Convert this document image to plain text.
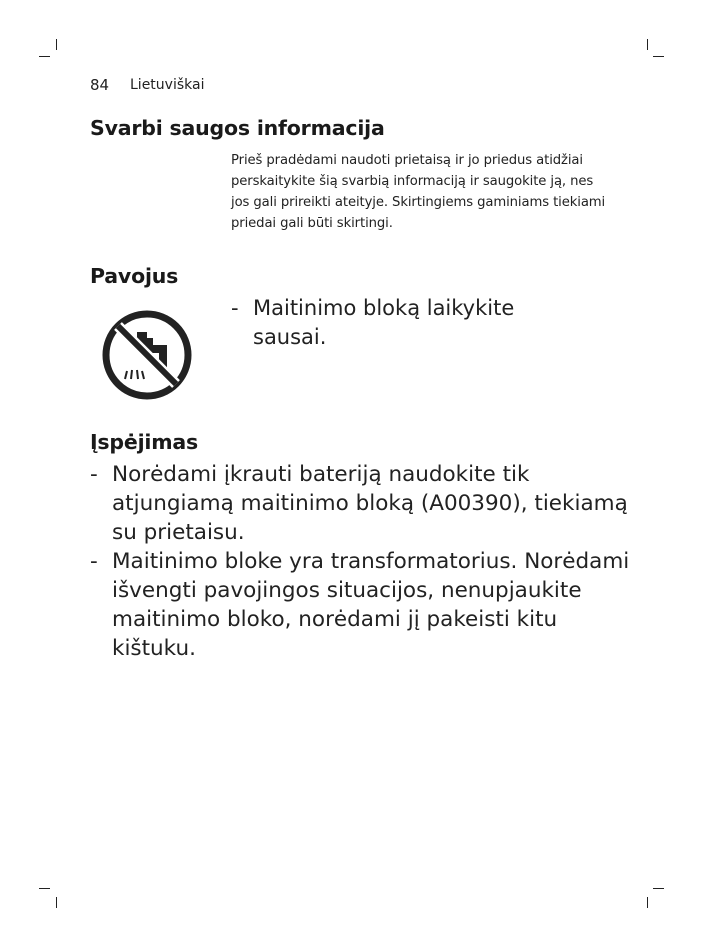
84 Lietuviškai
Svarbi saugos informacija
Prieš pradėdami naudoti prietaisą ir jo priedus atidžiai perskaitykite šią svarbią informaciją ir saugokite ją, nes jos gali prireikti ateityje. Skirtingiems gaminiams tiekiami priedai gali būti skirtingi.
Pavojus
- Maitinimo bloką laikykite sausai.
Įspėjimas
- Norėdami įkrauti bateriją naudokite tik atjungiamą maitinimo bloką (A00390), tiekiamą su prietaisu.
- Maitinimo bloke yra transformatorius. Norėdami išvengti pavojingos situacijos, nenupjaukite maitinimo bloko, norėdami jį pakeisti kitu kištuku.
